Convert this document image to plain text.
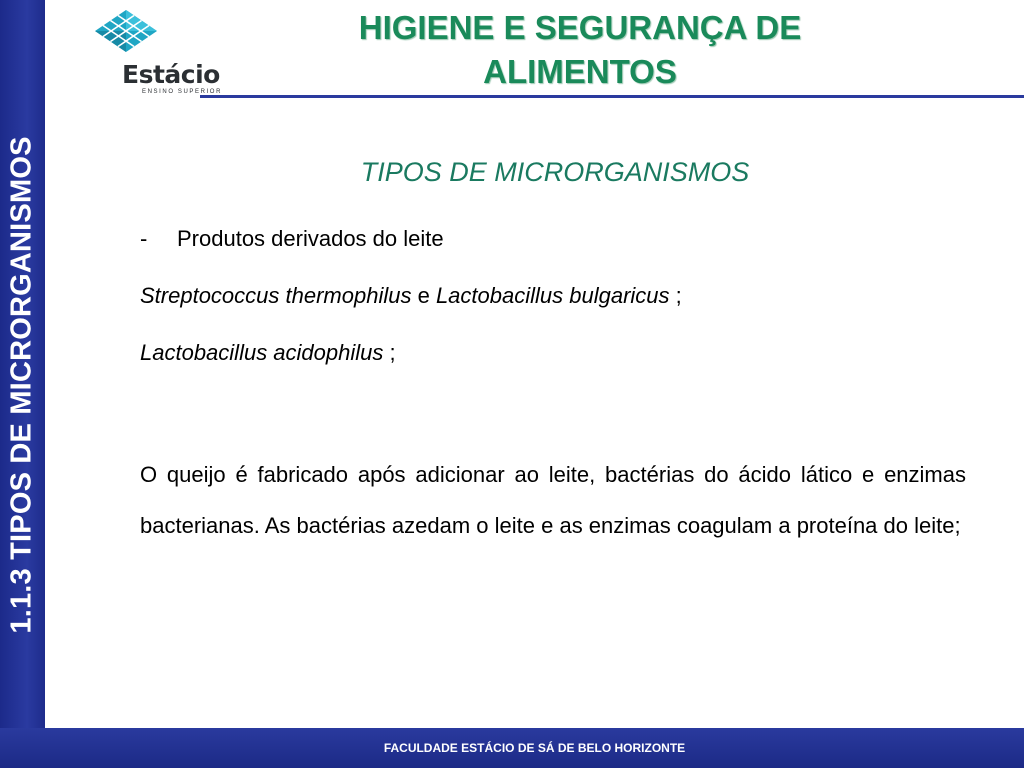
1.1.3 TIPOS DE MICRORGANISMOS
Estácio
ENSINO SUPERIOR
HIGIENE E SEGURANÇA DE ALIMENTOS
TIPOS DE MICRORGANISMOS
- Produtos derivados do leite
Streptococcus thermophilus e Lactobacillus bulgaricus ;
Lactobacillus acidophilus ;
O queijo é fabricado após adicionar ao leite, bactérias do ácido lático e enzimas bacterianas. As bactérias azedam o leite e as enzimas coagulam a proteína do leite;
FACULDADE ESTÁCIO DE SÁ DE BELO HORIZONTE
